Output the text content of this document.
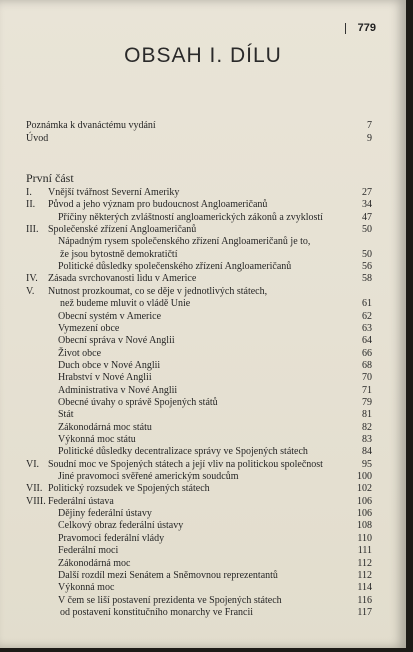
779
OBSAH I. DÍLU
Poznámka k dvanáctému vydání	7
Úvod	9
První část
I. Vnější tvářnost Severní Ameriky	27
II. Původ a jeho význam pro budoucnost Angloameričanů	34
Příčiny některých zvláštností angloamerických zákonů a zvyklostí	47
III. Společenské zřízení Angloameričanů	50
Nápadným rysem společenského zřízení Angloameričanů je to,
že jsou bytostně demokratičtí	50
Politické důsledky společenského zřízení Angloameričanů	56
IV. Zásada svrchovanosti lidu v Americe	58
V. Nutnost prozkoumat, co se děje v jednotlivých státech,
než budeme mluvit o vládě Unie	61
Obecní systém v Americe	62
Vymezení obce	63
Obecní správa v Nové Anglii	64
Život obce	66
Duch obce v Nové Anglii	68
Hrabství v Nové Anglii	70
Administrativa v Nové Anglii	71
Obecné úvahy o správě Spojených států	79
Stát	81
Zákonodárná moc státu	82
Výkonná moc státu	83
Politické důsledky decentralizace správy ve Spojených státech	84
VI. Soudní moc ve Spojených státech a její vliv na politickou společnost	95
Jiné pravomoci svěřené americkým soudcům	100
VII. Politický rozsudek ve Spojených státech	102
VIII. Federální ústava	106
Dějiny federální ústavy	106
Celkový obraz federální ústavy	108
Pravomoci federální vlády	110
Federální moci	111
Zákonodárná moc	112
Další rozdíl mezi Senátem a Sněmovnou reprezentantů	112
Výkonná moc	114
V čem se liší postavení prezidenta ve Spojených státech	116
od postavení konstitučního monarchy ve Francii	117
